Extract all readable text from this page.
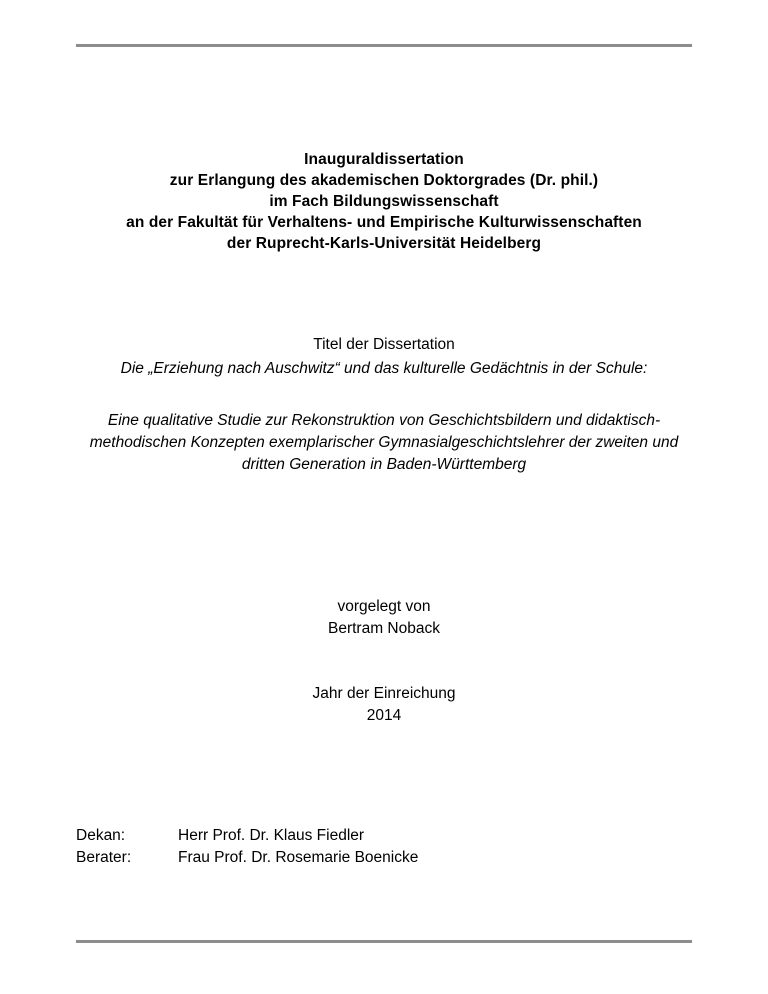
Inauguraldissertation
zur Erlangung des akademischen Doktorgrades (Dr. phil.)
im Fach Bildungswissenschaft
an der Fakultät für Verhaltens- und Empirische Kulturwissenschaften
der Ruprecht-Karls-Universität Heidelberg
Titel der Dissertation
Die „Erziehung nach Auschwitz“ und das kulturelle Gedächtnis in der Schule:
Eine qualitative Studie zur Rekonstruktion von Geschichtsbildern und didaktisch-methodischen Konzepten exemplarischer Gymnasialgeschichtslehrer der zweiten und dritten Generation in Baden-Württemberg
vorgelegt von
Bertram Noback
Jahr der Einreichung
2014
Dekan:	Herr Prof. Dr. Klaus Fiedler
Berater:	Frau Prof. Dr. Rosemarie Boenicke
